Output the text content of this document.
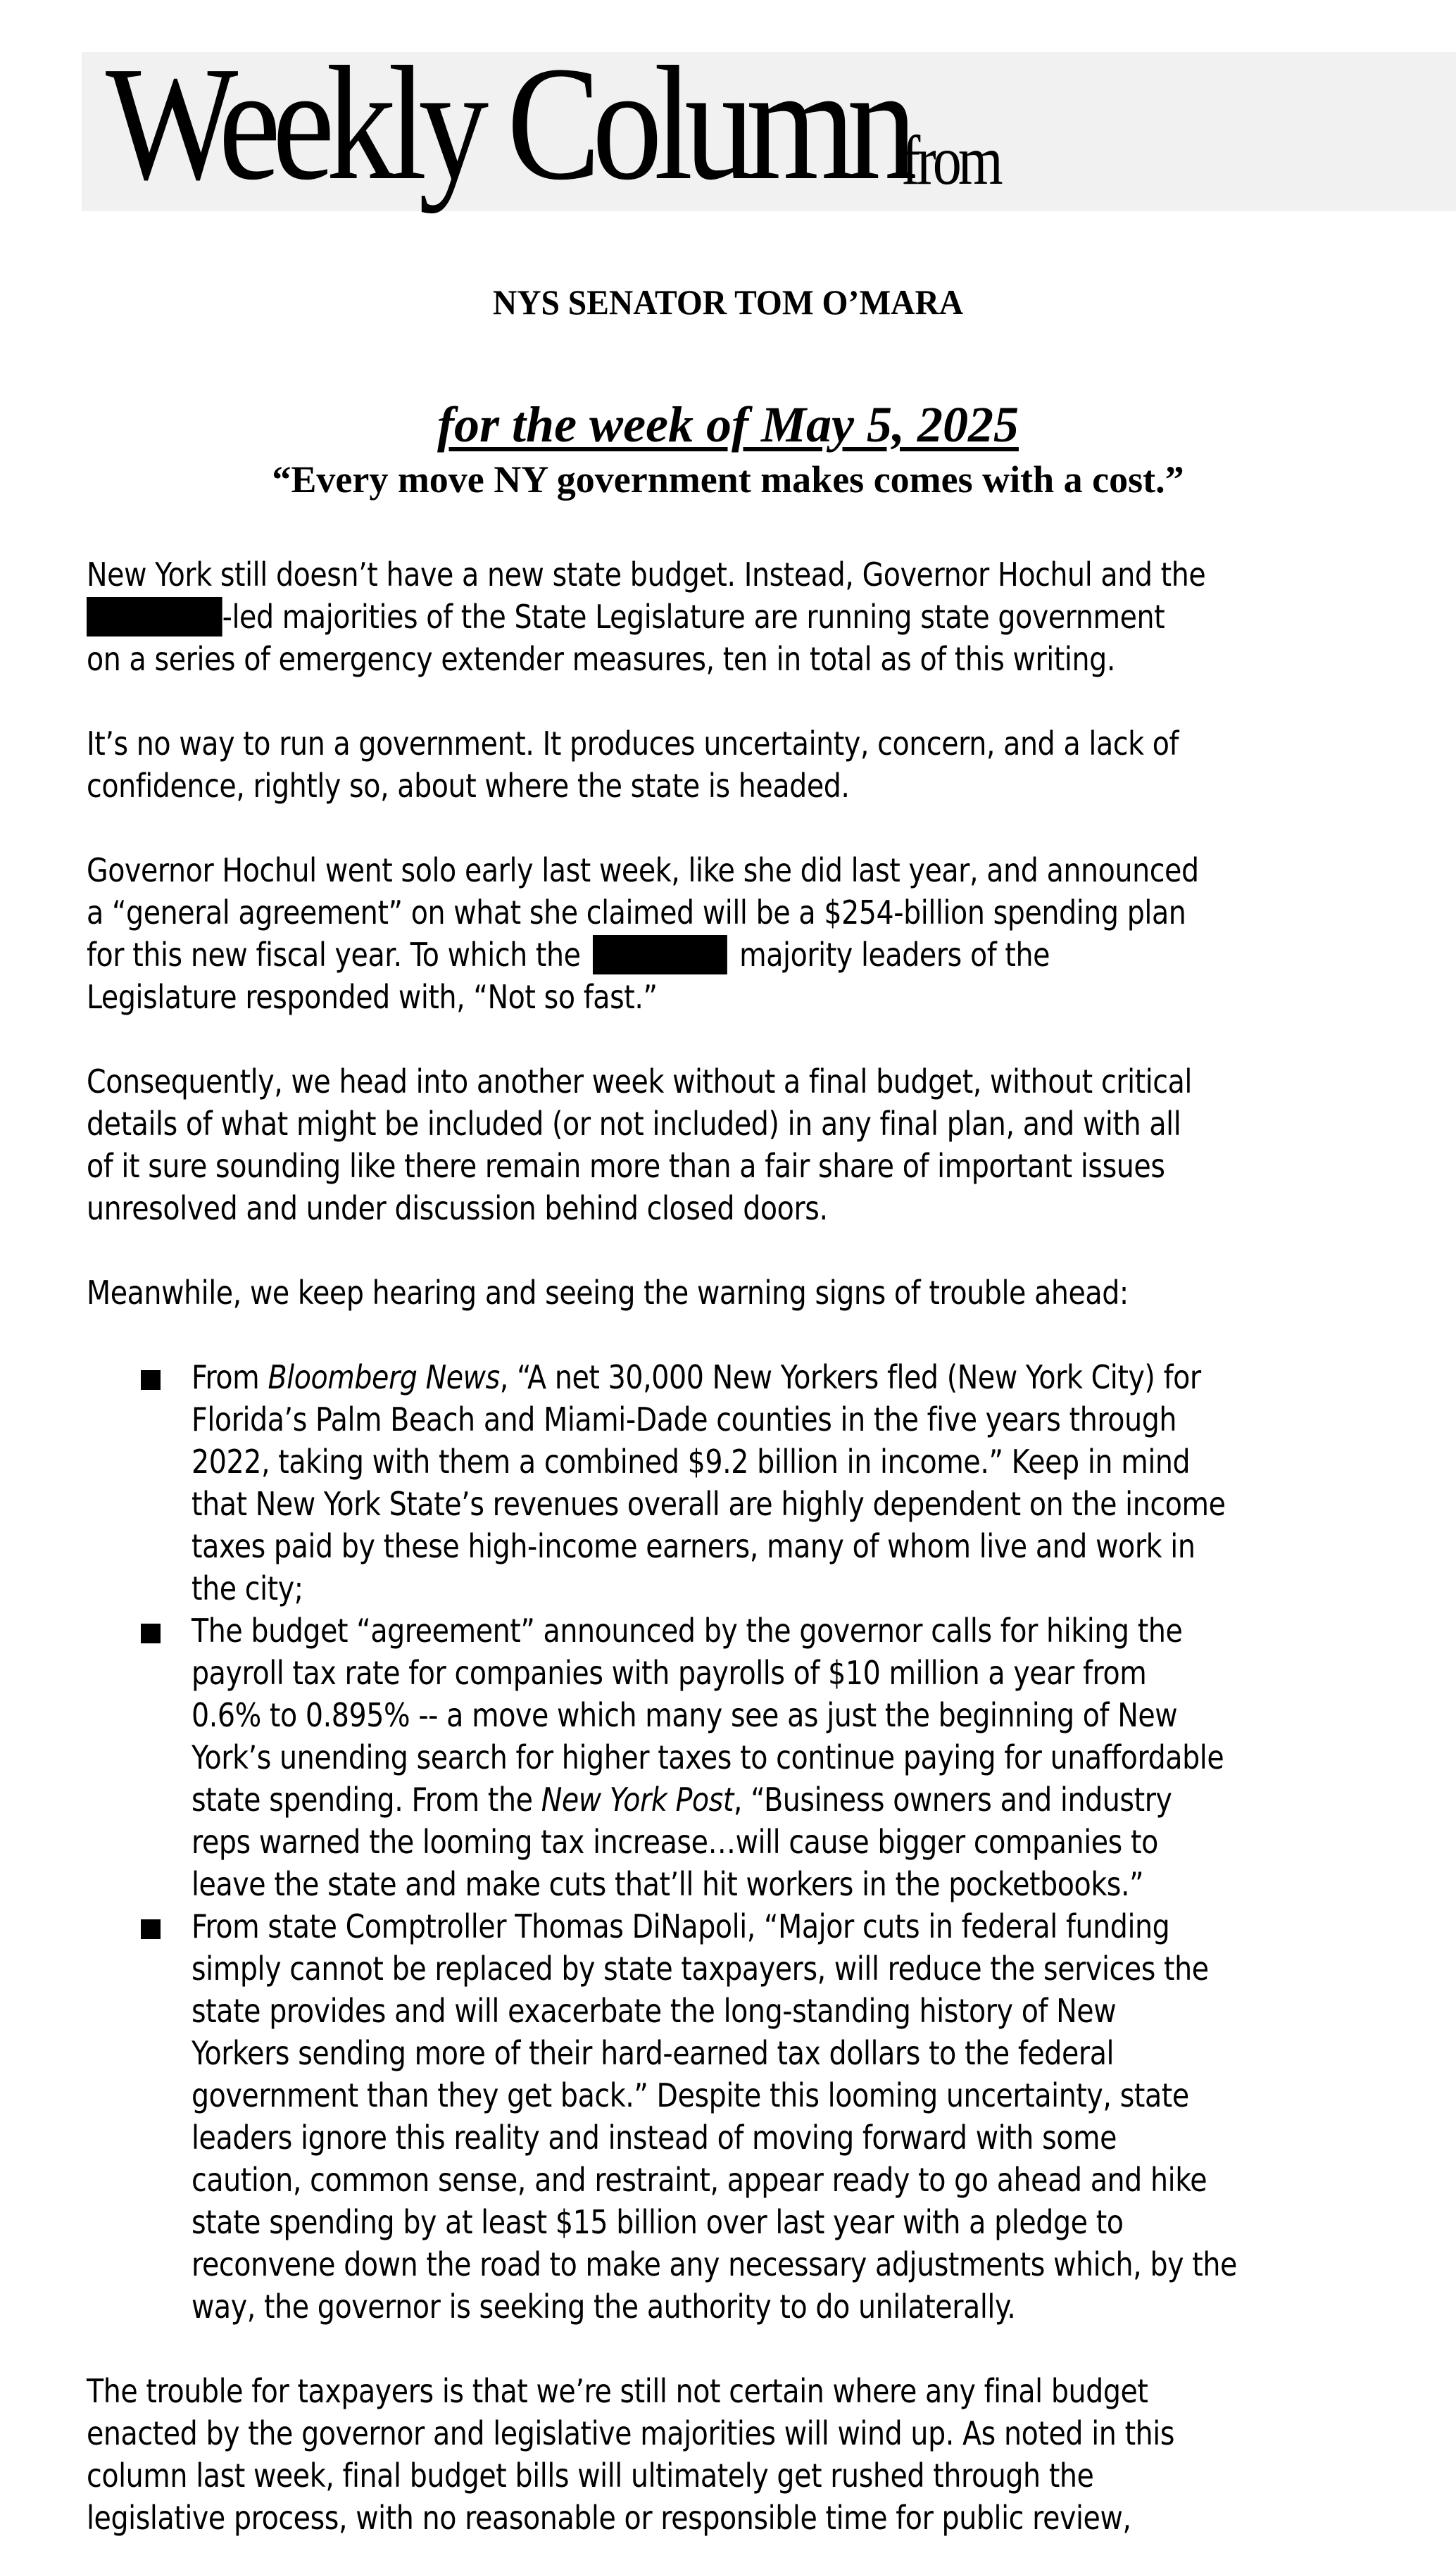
Weekly Column
from
NYS SENATOR TOM O’MARA
for the week of May 5, 2025
“Every move NY government makes comes with a cost.”
New York still doesn’t have a new state budget. Instead, Governor Hochul and the
-led majorities of the State Legislature are running state government
on a series of emergency extender measures, ten in total as of this writing.
It’s no way to run a government. It produces uncertainty, concern, and a lack of
confidence, rightly so, about where the state is headed.
Governor Hochul went solo early last week, like she did last year, and announced
a “general agreement” on what she claimed will be a $254-billion spending plan
for this new fiscal year. To which the	majority leaders of the
Legislature responded with, “Not so fast.”
Consequently, we head into another week without a final budget, without critical
details of what might be included (or not included) in any final plan, and with all
of it sure sounding like there remain more than a fair share of important issues
unresolved and under discussion behind closed doors.
Meanwhile, we keep hearing and seeing the warning signs of trouble ahead:
From Bloomberg News, “A net 30,000 New Yorkers fled (New York City) for
Florida’s Palm Beach and Miami-Dade counties in the five years through
2022, taking with them a combined $9.2 billion in income.” Keep in mind
that New York State’s revenues overall are highly dependent on the income
taxes paid by these high-income earners, many of whom live and work in
the city;
The budget “agreement” announced by the governor calls for hiking the
payroll tax rate for companies with payrolls of $10 million a year from
0.6% to 0.895% -- a move which many see as just the beginning of New
York’s unending search for higher taxes to continue paying for unaffordable
state spending. From the New York Post, “Business owners and industry
reps warned the looming tax increase…will cause bigger companies to
leave the state and make cuts that’ll hit workers in the pocketbooks.”
From state Comptroller Thomas DiNapoli, “Major cuts in federal funding
simply cannot be replaced by state taxpayers, will reduce the services the
state provides and will exacerbate the long-standing history of New
Yorkers sending more of their hard-earned tax dollars to the federal
government than they get back.” Despite this looming uncertainty, state
leaders ignore this reality and instead of moving forward with some
caution, common sense, and restraint, appear ready to go ahead and hike
state spending by at least $15 billion over last year with a pledge to
reconvene down the road to make any necessary adjustments which, by the
way, the governor is seeking the authority to do unilaterally.
The trouble for taxpayers is that we’re still not certain where any final budget
enacted by the governor and legislative majorities will wind up. As noted in this
column last week, final budget bills will ultimately get rushed through the
legislative process, with no reasonable or responsible time for public review,
